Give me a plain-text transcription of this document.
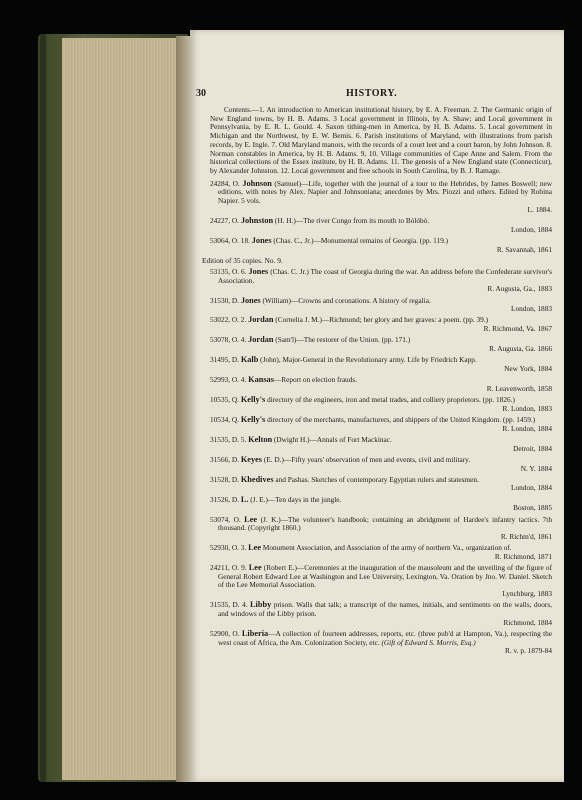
30	HISTORY.
Contents.—1. An introduction to American institutional history, by E. A. Freeman. 2. The Germanic origin of New England towns, by H. B. Adams. 3 Local government in Illinois, by A. Shaw; and Local government in Pennsylvania, by E. R. L. Gould. 4. Saxon tithing-men in America, by H. B. Adams. 5. Local government in Michigan and the Northwest, by E. W. Bemis. 6. Parish institutions of Maryland, with illustrations from parish records, by E. Ingle. 7. Old Maryland manors, with the records of a court leet and a court baron, by John Johnson. 8. Norman constables in America, by H. B. Adams. 9, 10. Village communities of Cape Anne and Salem. From the historical collections of the Essex institute, by H. B. Adams. 11. The genesis of a New England state (Connecticut), by Alexander Johnston. 12. Local government and free schools in South Carolina, by B. J. Ramage.
24284, O. Johnson (Samuel)—Life, together with the journal of a tour to the Hebrides, by James Boswell; new editions, with notes by Alex. Napier and Johnsoniana; anecdotes by Mrs. Piozzi and others. Edited by Robina Napier. 5 vols.
L. 1884.
24227, O. Johnston (H. H.)—The river Congo from its mouth to Bólóbó.
London, 1884
53064, O. 18. Jones (Chas. C., Jr.)—Monumental remains of Georgia. (pp. 119.)
R. Savannah, 1861
Edition of 35 copies. No. 9.
53135, O. 6. Jones (Chas. C. Jr.) The coast of Georgia during the war. An address before the Confederate survivor's Association.
R. Augusta, Ga., 1883
31530, D. Jones (William)—Crowns and coronations. A history of regalia.
London, 1883
53022, O. 2. Jordan (Cornelia J. M.)—Richmond; her glory and her graves: a poem. (pp. 39.)
R. Richmond, Va. 1867
53078, O. 4. Jordan (Sam'l)—The restorer of the Union. (pp. 171.)
R. Augusta, Ga. 1866
31495, D. Kalb (John), Major-General in the Revolutionary army. Life by Friedrich Kapp.
New York, 1884
52993, O. 4. Kansas—Report on election frauds.
R. Leavenworth, 1858
10535, Q. Kelly's directory of the engineers, iron and metal trades, and colliery proprietors. (pp. 1826.)
R. London, 1883
10534, Q. Kelly's directory of the merchants, manufacturers, and shippers of the United Kingdom. (pp. 1459.)
R. London, 1884
31535, D. 5. Kelton (Dwight H.)—Annals of Fort Mackinac.
Detroit, 1884
31566, D. Keyes (E. D.)—Fifty years' observation of men and events, civil and military.
N. Y. 1884
31528, D. Khedives and Pashas. Sketches of contemporary Egyptian rulers and statesmen.
London, 1884
31526, D. L. (J. E.)—Ten days in the jungle.
Boston, 1885
53074, O. Lee (J. K.)—The volunteer's handbook; containing an abridgment of Hardee's infantry tactics. 7th thousand. (Copyright 1860.)
R. Richm'd, 1861
52930, O. 3. Lee Monument Association, and Association of the army of northern Va., organization of.
R. Richmond, 1871
24211, O. 9. Lee (Robert E.)—Ceremonies at the inauguration of the mausoleum and the unveiling of the figure of General Robert Edward Lee at Washington and Lee University, Lexington, Va. Oration by Jno. W. Daniel. Sketch of the Lee Memorial Association.
Lynchburg, 1883
31535, D. 4. Libby prison. Walls that talk; a transcript of the names, initials, and sentiments on the walls, doors, and windows of the Libby prison.
Richmond, 1884
52900, O. Liberia—A collection of fourteen addresses, reports, etc. (three pub'd at Hampton, Va.), respecting the west coast of Africa, the Am. Colonization Society, etc. (Gift of Edward S. Morris, Esq.)
R. v. p. 1879-84
